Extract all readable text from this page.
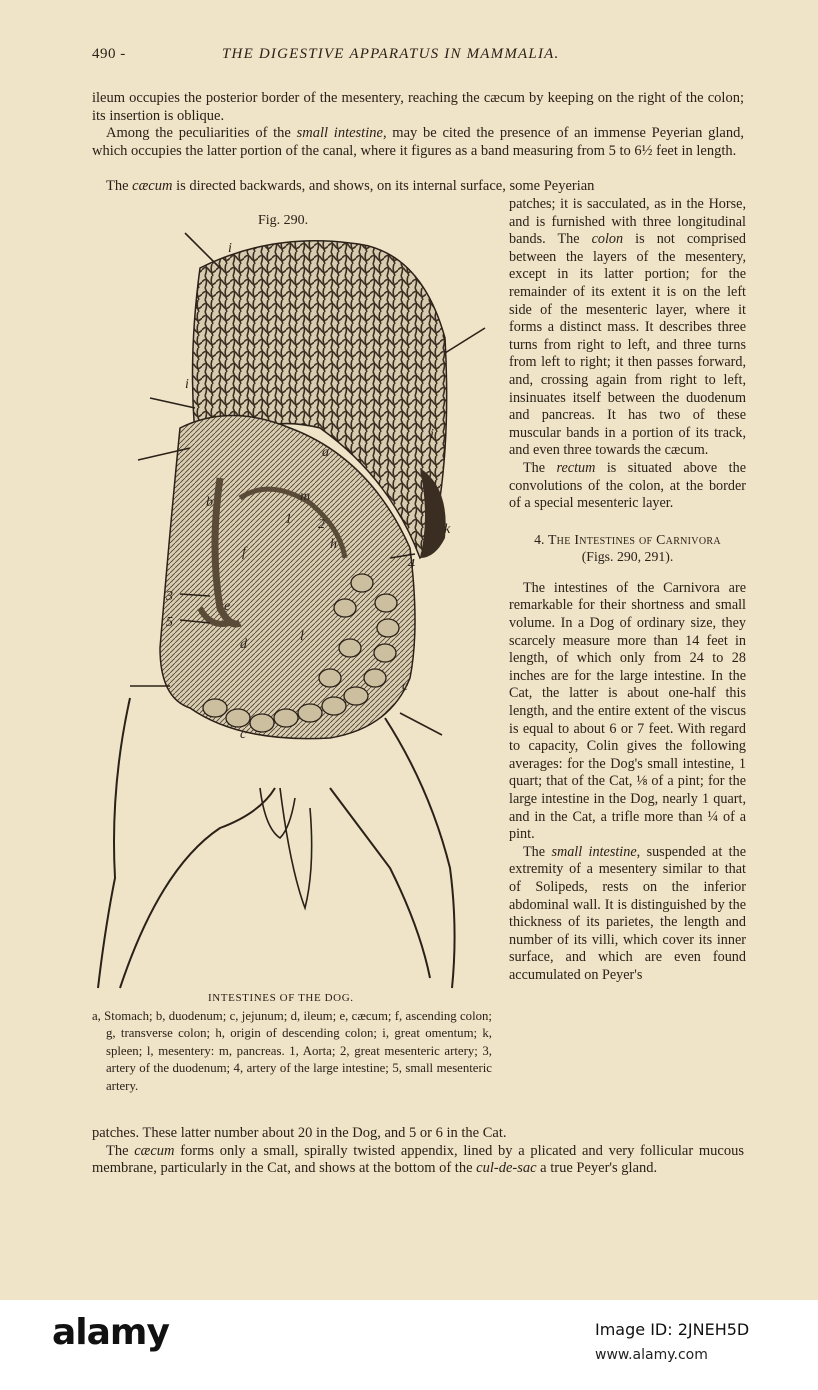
490 -	THE DIGESTIVE APPARATUS IN MAMMALIA.
ileum occupies the posterior border of the mesentery, reaching the cæcum by keeping on the right of the colon; its insertion is oblique.
Among the peculiarities of the small intestine, may be cited the presence of an immense Peyerian gland, which occupies the latter portion of the canal, where it figures as a band measuring from 5 to 6½ feet in length.
The cæcum is directed backwards, and shows, on its internal surface, some Peyerian

patches; it is sacculated, as in the Horse, and is furnished with three longitudinal bands. The colon is not comprised between the layers of the mesentery, except in its latter portion; for the remainder of its extent it is on the left side of the mesenteric layer, where it forms a distinct mass. It describes three turns from right to left, and three turns from left to right; it then passes forward, and, crossing again from right to left, insinuates itself between the duodenum and pancreas. It has two of these muscular bands in a portion of its track, and even three towards the cæcum.

The rectum is situated above the convolutions of the colon, at the border of a special mesenteric layer.

4. The Intestines of Carnivora
(Figs. 290, 291).

The intestines of the Carnivora are remarkable for their shortness and small volume. In a Dog of ordinary size, they scarcely measure more than 14 feet in length, of which only from 24 to 28 inches are for the large intestine. In the Cat, the latter is about one-half this length, and the entire extent of the viscus is equal to about 6 or 7 feet. With regard to capacity, Colin gives the following averages: for the Dog's small intestine, 1 quart; that of the Cat, ⅛ of a pint; for the large intestine in the Dog, nearly 1 quart, and in the Cat, a trifle more than ¼ of a pint.

The small intestine, suspended at the extremity of a mesentery similar to that of Solipeds, rests on the inferior abdominal wall. It is distinguished by the thickness of its parietes, the length and number of its villi, which cover its inner surface, and which are even found accumulated on Peyer's

Fig. 290.
i
i
i
a
b
k
c
c
f
e
d
l
h
m
4
3
5
2
1
INTESTINES OF THE DOG.
a, Stomach; b, duodenum; c, jejunum; d, ileum; e, cæcum; f, ascending colon; g, transverse colon; h, origin of descending colon; i, great omentum; k, spleen; l, mesentery: m, pancreas. 1, Aorta; 2, great mesenteric artery; 3, artery of the duodenum; 4, artery of the large intestine; 5, small mesenteric artery.
patches. These latter number about 20 in the Dog, and 5 or 6 in the Cat.
The cæcum forms only a small, spirally twisted appendix, lined by a plicated and very follicular mucous membrane, particularly in the Cat, and shows at the bottom of the cul-de-sac a true Peyer's gland.
alamy	Image ID: 2JNEH5D
www.alamy.com
